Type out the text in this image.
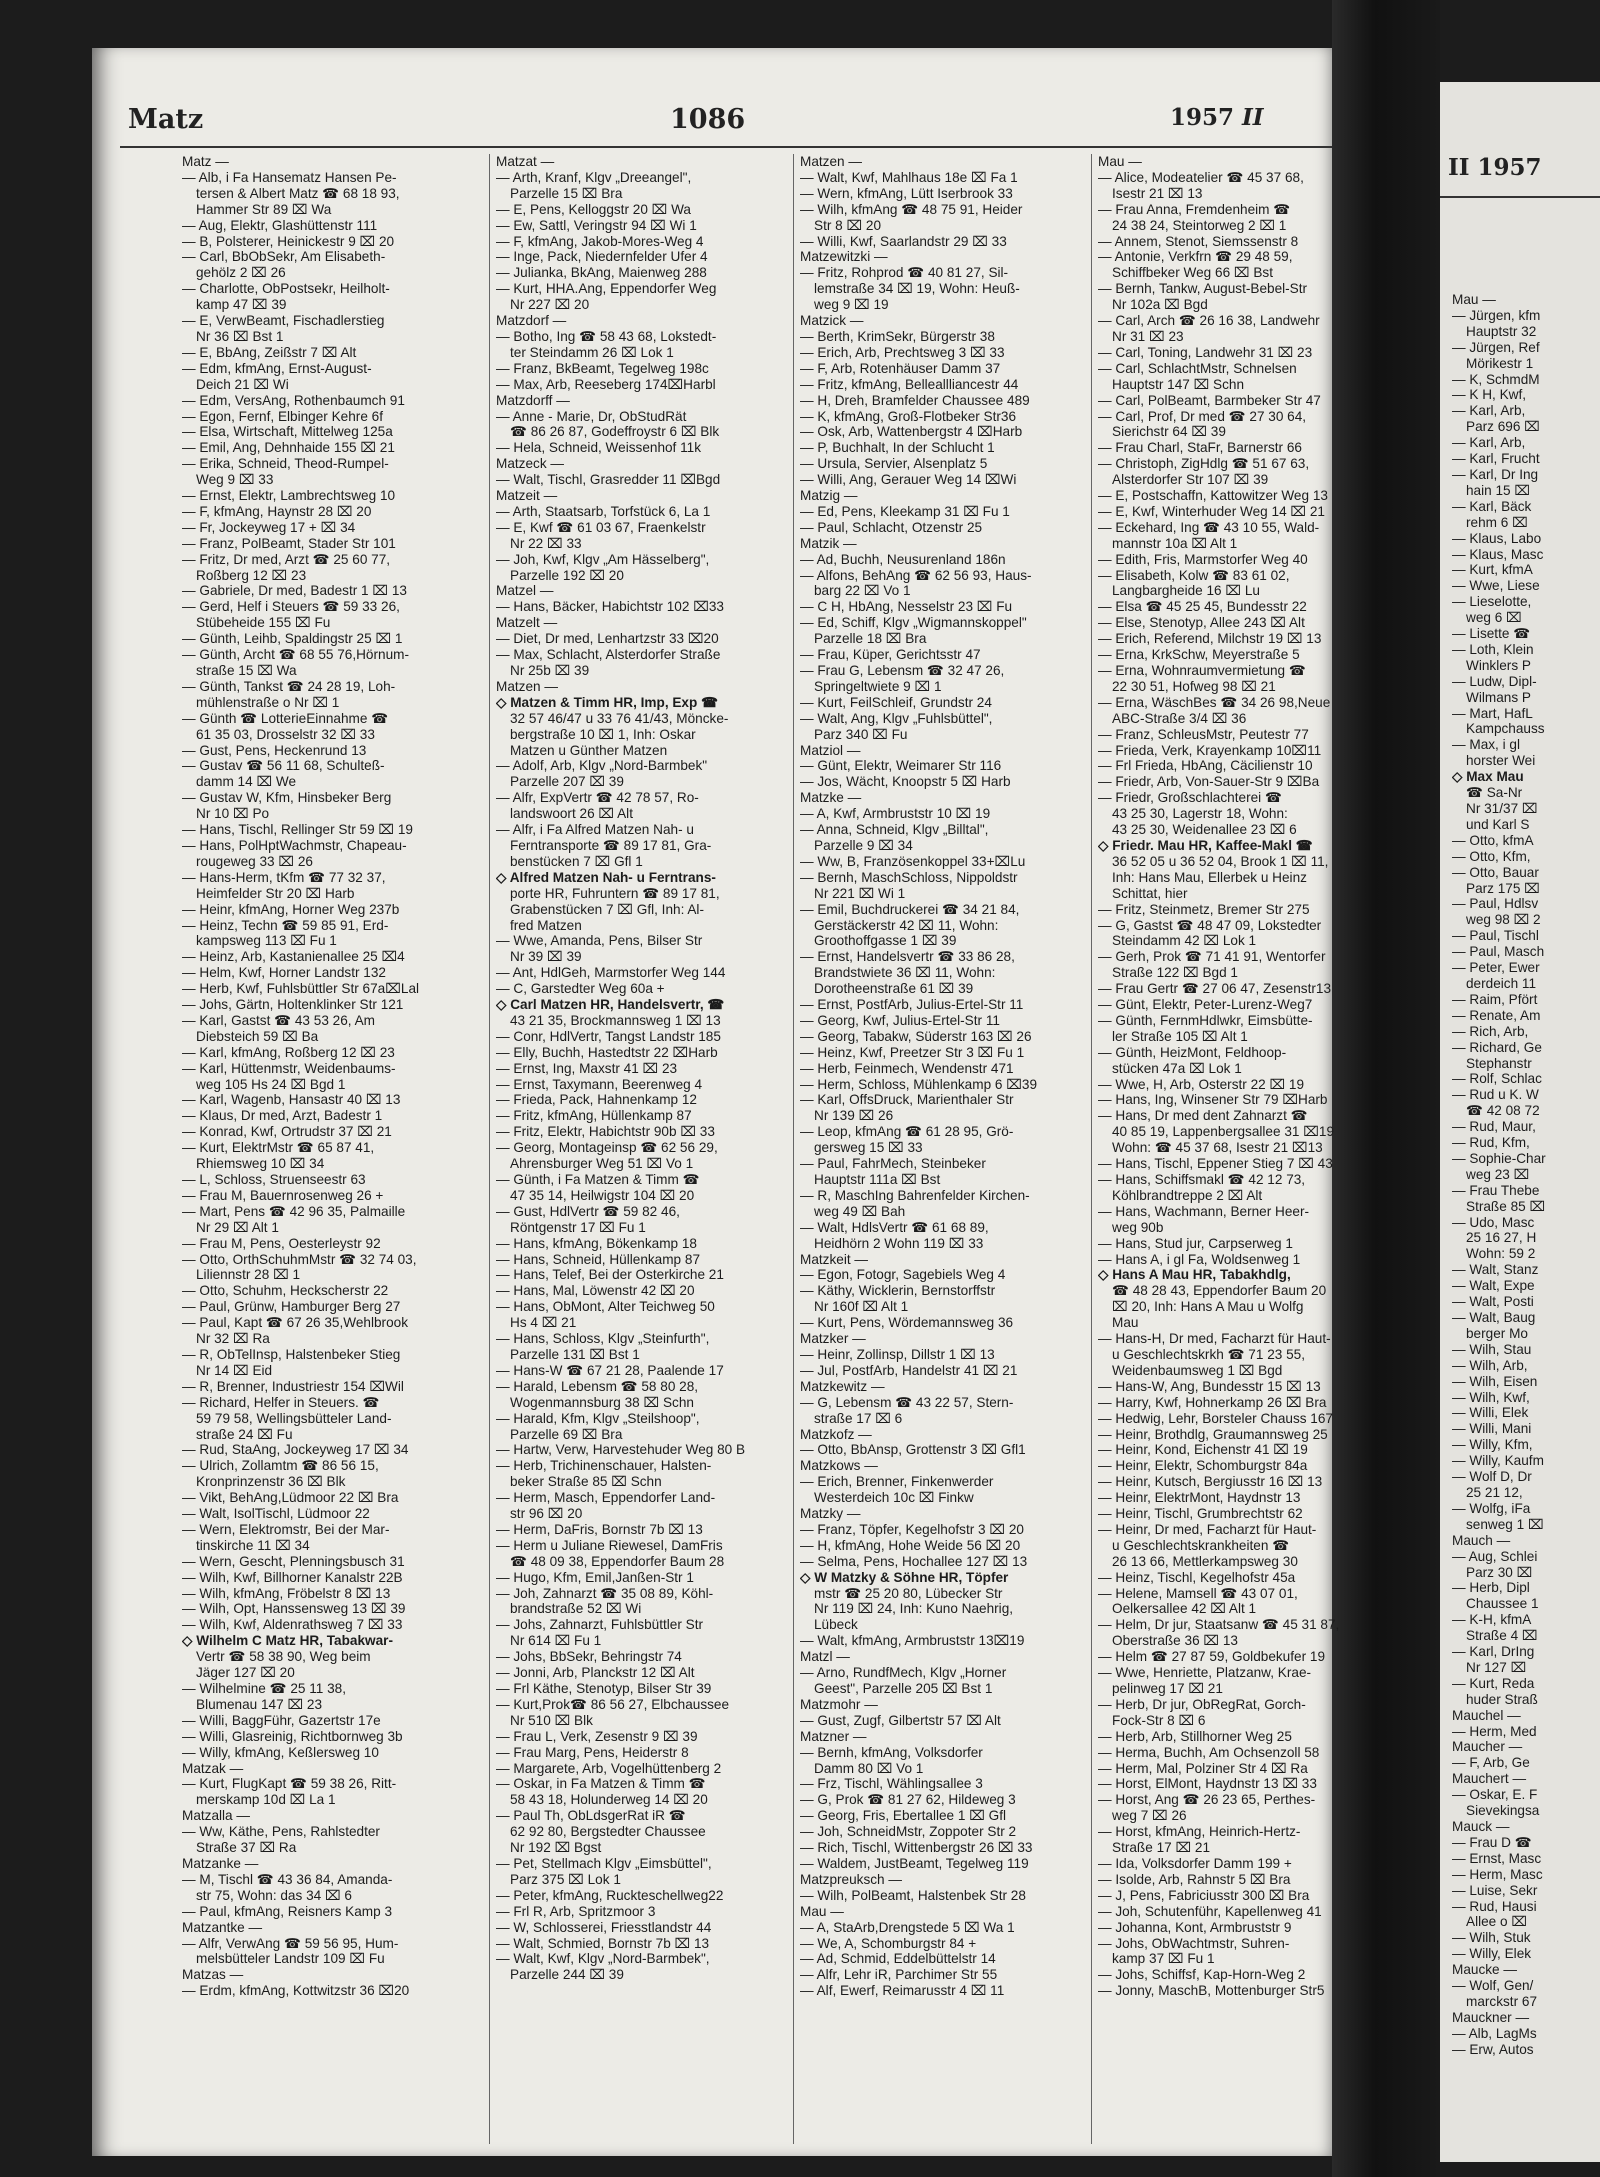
Matz	1086	1957 II
Matz —
— Alb, i Fa Hansematz Hansen Pe-
tersen & Albert Matz ☎ 68 18 93,
Hammer Str 89 ⌧ Wa
— Aug, Elektr, Glashüttenstr 111
— B, Polsterer, Heinickestr 9 ⌧ 20
— Carl, BbObSekr, Am Elisabeth-
gehölz 2 ⌧ 26
— Charlotte, ObPostsekr, Heilholt-
kamp 47 ⌧ 39
— E, VerwBeamt, Fischadlerstieg
Nr 36 ⌧ Bst 1
— E, BbAng, Zeißstr 7 ⌧ Alt
— Edm, kfmAng, Ernst-August-
Deich 21 ⌧ Wi
— Edm, VersAng, Rothenbaumch 91
— Egon, Fernf, Elbinger Kehre 6f
— Elsa, Wirtschaft, Mittelweg 125a
— Emil, Ang, Dehnhaide 155 ⌧ 21
— Erika, Schneid, Theod-Rumpel-
Weg 9 ⌧ 33
— Ernst, Elektr, Lambrechtsweg 10
— F, kfmAng, Haynstr 28 ⌧ 20
— Fr, Jockeyweg 17 + ⌧ 34
— Franz, PolBeamt, Stader Str 101
— Fritz, Dr med, Arzt ☎ 25 60 77,
Roßberg 12 ⌧ 23
— Gabriele, Dr med, Badestr 1 ⌧ 13
— Gerd, Helf i Steuers ☎ 59 33 26,
Stübeheide 155 ⌧ Fu
— Günth, Leihb, Spaldingstr 25 ⌧ 1
— Günth, Archt ☎ 68 55 76,Hörnum-
straße 15 ⌧ Wa
— Günth, Tankst ☎ 24 28 19, Loh-
mühlenstraße o Nr ⌧ 1
— Günth ☎ LotterieEinnahme ☎
61 35 03, Drosselstr 32 ⌧ 33
— Gust, Pens, Heckenrund 13
— Gustav ☎ 56 11 68, Schulteß-
damm 14 ⌧ We
— Gustav W, Kfm, Hinsbeker Berg
Nr 10 ⌧ Po
— Hans, Tischl, Rellinger Str 59 ⌧ 19
— Hans, PolHptWachmstr, Chapeau-
rougeweg 33 ⌧ 26
— Hans-Herm, tKfm ☎ 77 32 37,
Heimfelder Str 20 ⌧ Harb
— Heinr, kfmAng, Horner Weg 237b
— Heinz, Techn ☎ 59 85 91, Erd-
kampsweg 113 ⌧ Fu 1
— Heinz, Arb, Kastanienallee 25 ⌧4
— Helm, Kwf, Horner Landstr 132
— Herb, Kwf, Fuhlsbüttler Str 67a⌧Lal
— Johs, Gärtn, Holtenklinker Str 121
— Karl, Gastst ☎ 43 53 26, Am
Diebsteich 59 ⌧ Ba
— Karl, kfmAng, Roßberg 12 ⌧ 23
— Karl, Hüttenmstr, Weidenbaums-
weg 105 Hs 24 ⌧ Bgd 1
— Karl, Wagenb, Hansastr 40 ⌧ 13
— Klaus, Dr med, Arzt, Badestr 1
— Konrad, Kwf, Ortrudstr 37 ⌧ 21
— Kurt, ElektrMstr ☎ 65 87 41,
Rhiemsweg 10 ⌧ 34
— L, Schloss, Struenseestr 63
— Frau M, Bauernrosenweg 26 +
— Mart, Pens ☎ 42 96 35, Palmaille
Nr 29 ⌧ Alt 1
— Frau M, Pens, Oesterleystr 92
— Otto, OrthSchuhmMstr ☎ 32 74 03,
Liliennstr 28 ⌧ 1
— Otto, Schuhm, Heckscherstr 22
— Paul, Grünw, Hamburger Berg 27
— Paul, Kapt ☎ 67 26 35,Wehlbrook
Nr 32 ⌧ Ra
— R, ObTelInsp, Halstenbeker Stieg
Nr 14 ⌧ Eid
— R, Brenner, Industriestr 154 ⌧Wil
— Richard, Helfer in Steuers. ☎
59 79 58, Wellingsbütteler Land-
straße 24 ⌧ Fu
— Rud, StaAng, Jockeyweg 17 ⌧ 34
— Ulrich, Zollamtm ☎ 86 56 15,
Kronprinzenstr 36 ⌧ Blk
— Vikt, BehAng,Lüdmoor 22 ⌧ Bra
— Walt, IsolTischl, Lüdmoor 22
— Wern, Elektromstr, Bei der Mar-
tinskirche 11 ⌧ 34
— Wern, Gescht, Plenningsbusch 31
— Wilh, Kwf, Billhorner Kanalstr 22B
— Wilh, kfmAng, Fröbelstr 8 ⌧ 13
— Wilh, Opt, Hanssensweg 13 ⌧ 39
— Wilh, Kwf, Aldenrathsweg 7 ⌧ 33
◇ Wilhelm C Matz HR, Tabakwar-
Vertr ☎ 58 38 90, Weg beim
Jäger 127 ⌧ 20
— Wilhelmine ☎ 25 11 38,
Blumenau 147 ⌧ 23
— Willi, BaggFühr, Gazertstr 17e
— Willi, Glasreinig, Richtbornweg 3b
— Willy, kfmAng, Keßlersweg 10
Matzak —
— Kurt, FlugKapt ☎ 59 38 26, Ritt-
merskamp 10d ⌧ La 1
Matzalla —
— Ww, Käthe, Pens, Rahlstedter
Straße 37 ⌧ Ra
Matzanke —
— M, Tischl ☎ 43 36 84, Amanda-
str 75, Wohn: das 34 ⌧ 6
— Paul, kfmAng, Reisners Kamp 3
Matzantke —
— Alfr, VerwAng ☎ 59 56 95, Hum-
melsbütteler Landstr 109 ⌧ Fu
Matzas —
— Erdm, kfmAng, Kottwitzstr 36 ⌧20
Matzat —
— Arth, Kranf, Klgv „Dreeangel",
Parzelle 15 ⌧ Bra
— E, Pens, Kelloggstr 20 ⌧ Wa
— Ew, Sattl, Veringstr 94 ⌧ Wi 1
— F, kfmAng, Jakob-Mores-Weg 4
— Inge, Pack, Niedernfelder Ufer 4
— Julianka, BkAng, Maienweg 288
— Kurt, HHA.Ang, Eppendorfer Weg
Nr 227 ⌧ 20
Matzdorf —
— Botho, Ing ☎ 58 43 68, Lokstedt-
ter Steindamm 26 ⌧ Lok 1
— Franz, BkBeamt, Tegelweg 198c
— Max, Arb, Reeseberg 174⌧Harbl
Matzdorff —
— Anne - Marie, Dr, ObStudRät
☎ 86 26 87, Godeffroystr 6 ⌧ Blk
— Hela, Schneid, Weissenhof 11k
Matzeck —
— Walt, Tischl, Grasredder 11 ⌧Bgd
Matzeit —
— Arth, Staatsarb, Torfstück 6, La 1
— E, Kwf ☎ 61 03 67, Fraenkelstr
Nr 22 ⌧ 33
— Joh, Kwf, Klgv „Am Hässelberg",
Parzelle 192 ⌧ 20
Matzel —
— Hans, Bäcker, Habichtstr 102 ⌧33
Matzelt —
— Diet, Dr med, Lenhartzstr 33 ⌧20
— Max, Schlacht, Alsterdorfer Straße
Nr 25b ⌧ 39
Matzen —
◇ Matzen & Timm HR, Imp, Exp ☎
32 57 46/47 u 33 76 41/43, Mönckе-
bergstraße 10 ⌧ 1, Inh: Oskar
Matzen u Günther Matzen
— Adolf, Arb, Klgv „Nord-Barmbek"
Parzelle 207 ⌧ 39
— Alfr, ExpVertr ☎ 42 78 57, Ro-
landswoort 26 ⌧ Alt
— Alfr, i Fa Alfred Matzen Nah- u
Ferntransporte ☎ 89 17 81, Gra-
benstücken 7 ⌧ Gfl 1
◇ Alfred Matzen Nah- u Ferntrans-
porte HR, Fuhruntern ☎ 89 17 81,
Grabenstücken 7 ⌧ Gfl, Inh: Al-
fred Matzen
— Wwe, Amanda, Pens, Bilser Str
Nr 39 ⌧ 39
— Ant, HdlGeh, Marmstorfer Weg 144
— C, Garstedter Weg 60a +
◇ Carl Matzen HR, Handelsvertr, ☎
43 21 35, Brockmannsweg 1 ⌧ 13
— Conr, HdlVertr, Tangst Landstr 185
— Elly, Buchh, Hastedtstr 22 ⌧Harb
— Ernst, Ing, Maxstr 41 ⌧ 23
— Ernst, Taxymann, Beerenweg 4
— Frieda, Pack, Hahnenkamp 12
— Fritz, kfmAng, Hüllenkamp 87
— Fritz, Elektr, Habichtstr 90b ⌧ 33
— Georg, Montageinsp ☎ 62 56 29,
Ahrensburger Weg 51 ⌧ Vo 1
— Günth, i Fa Matzen & Timm ☎
47 35 14, Heilwigstr 104 ⌧ 20
— Gust, HdlVertr ☎ 59 82 46,
Röntgenstr 17 ⌧ Fu 1
— Hans, kfmAng, Bökenkamp 18
— Hans, Schneid, Hüllenkamp 87
— Hans, Telef, Bei der Osterkirche 21
— Hans, Mal, Löwenstr 42 ⌧ 20
— Hans, ObMont, Alter Teichweg 50
Hs 4 ⌧ 21
— Hans, Schloss, Klgv „Steinfurth",
Parzelle 131 ⌧ Bst 1
— Hans-W ☎ 67 21 28, Paalende 17
— Harald, Lebensm ☎ 58 80 28,
Wogenmannsburg 38 ⌧ Schn
— Harald, Kfm, Klgv „Steilshoop",
Parzelle 69 ⌧ Bra
— Hartw, Verw, Harvestehuder Weg 80 B
— Herb, Trichinenschauer, Halsten-
beker Straße 85 ⌧ Schn
— Herm, Masch, Eppendorfer Land-
str 96 ⌧ 20
— Herm, DaFris, Bornstr 7b ⌧ 13
— Herm u Juliane Riewesel, DamFris
☎ 48 09 38, Eppendorfer Baum 28
— Hugo, Kfm, Emil,Janßen-Str 1
— Joh, Zahnarzt ☎ 35 08 89, Köhl-
brandstraße 52 ⌧ Wi
— Johs, Zahnarzt, Fuhlsbüttler Str
Nr 614 ⌧ Fu 1
— Johs, BbSekr, Behringstr 74
— Jonni, Arb, Planckstr 12 ⌧ Alt
— Frl Käthe, Stenotyp, Bilser Str 39
— Kurt,Prok☎ 86 56 27, Elbchaussee
Nr 510 ⌧ Blk
— Frau L, Verk, Zesenstr 9 ⌧ 39
— Frau Marg, Pens, Heiderstr 8
— Margarete, Arb, Vogelhüttenberg 2
— Oskar, in Fa Matzen & Timm ☎
58 43 18, Holunderweg 14 ⌧ 20
— Paul Th, ObLdsgerRat iR ☎
62 92 80, Bergstedter Chaussee
Nr 192 ⌧ Bgst
— Pet, Stellmach Klgv „Eimsbüttel",
Parz 375 ⌧ Lok 1
— Peter, kfmAng, Ruckteschellweg22
— Frl R, Arb, Spritzmoor 3
— W, Schlosserei, Friesstlandstr 44
— Walt, Schmied, Bornstr 7b ⌧ 13
— Walt, Kwf, Klgv „Nord-Barmbek",
Parzelle 244 ⌧ 39
Matzen —
— Walt, Kwf, Mahlhaus 18e ⌧ Fa 1
— Wern, kfmAng, Lütt Iserbrook 33
— Wilh, kfmAng ☎ 48 75 91, Heider
Str 8 ⌧ 20
— Willi, Kwf, Saarlandstr 29 ⌧ 33
Matzewitzki —
— Fritz, Rohprod ☎ 40 81 27, Sil-
lemstraße 34 ⌧ 19, Wohn: Heuß-
weg 9 ⌧ 19
Matzick —
— Berth, KrimSekr, Bürgerstr 38
— Erich, Arb, Prechtsweg 3 ⌧ 33
— F, Arb, Rotenhäuser Damm 37
— Fritz, kfmAng, Belleallliancestr 44
— H, Dreh, Bramfelder Chaussee 489
— K, kfmAng, Groß-Flotbeker Str36
— Osk, Arb, Wattenbergstr 4 ⌧Harb
— P, Buchhalt, In der Schlucht 1
— Ursula, Servier, Alsenplatz 5
— Willi, Ang, Gerauer Weg 14 ⌧Wi
Matzig —
— Ed, Pens, Kleekamp 31 ⌧ Fu 1
— Paul, Schlacht, Otzenstr 25
Matzik —
— Ad, Buchh, Neusurenland 186n
— Alfons, BehAng ☎ 62 56 93, Haus-
barg 22 ⌧ Vo 1
— C H, HbAng, Nesselstr 23 ⌧ Fu
— Ed, Schiff, Klgv „Wigmannskoppel"
Parzelle 18 ⌧ Bra
— Frau, Küper, Gerichtsstr 47
— Frau G, Lebensm ☎ 32 47 26,
Springeltwiete 9 ⌧ 1
— Kurt, FeilSchleif, Grundstr 24
— Walt, Ang, Klgv „Fuhlsbüttel",
Parz 340 ⌧ Fu
Matziol —
— Günt, Elektr, Weimarer Str 116
— Jos, Wächt, Knoopstr 5 ⌧ Harb
Matzke —
— A, Kwf, Armbruststr 10 ⌧ 19
— Anna, Schneid, Klgv „Billtal",
Parzelle 9 ⌧ 34
— Ww, B, Französenkoppel 33+⌧Lu
— Bernh, MaschSchloss, Nippoldstr
Nr 221 ⌧ Wi 1
— Emil, Buchdruckerei ☎ 34 21 84,
Gerstäckerstr 42 ⌧ 11, Wohn:
Groothoffgasse 1 ⌧ 39
— Ernst, Handelsvertr ☎ 33 86 28,
Brandstwiete 36 ⌧ 11, Wohn:
Dorotheenstraße 61 ⌧ 39
— Ernst, PostfArb, Julius-Ertel-Str 11
— Georg, Kwf, Julius-Ertel-Str 11
— Georg, Tabakw, Süderstr 163 ⌧ 26
— Heinz, Kwf, Preetzer Str 3 ⌧ Fu 1
— Herb, Feinmech, Wendenstr 471
— Herm, Schloss, Mühlenkamp 6 ⌧39
— Karl, OffsDruck, Marienthaler Str
Nr 139 ⌧ 26
— Leop, kfmAng ☎ 61 28 95, Grö-
gersweg 15 ⌧ 33
— Paul, FahrMech, Steinbeker
Hauptstr 111a ⌧ Bst
— R, MaschIng Bahrenfelder Kirchen-
weg 49 ⌧ Bah
— Walt, HdlsVertr ☎ 61 68 89,
Heidhörn 2 Wohn 119 ⌧ 33
Matzkeit —
— Egon, Fotogr, Sagebiels Weg 4
— Käthy, Wicklerin, Bernstorffstr
Nr 160f ⌧ Alt 1
— Kurt, Pens, Wördemannsweg 36
Matzker —
— Heinr, Zollinsp, Dillstr 1 ⌧ 13
— Jul, PostfArb, Handelstr 41 ⌧ 21
Matzkewitz —
— G, Lebensm ☎ 43 22 57, Stern-
straße 17 ⌧ 6
Matzkofz —
— Otto, BbAnsp, Grottenstr 3 ⌧ Gfl1
Matzkows —
— Erich, Brenner, Finkenwerder
Westerdeich 10c ⌧ Finkw
Matzky —
— Franz, Töpfer, Kegelhofstr 3 ⌧ 20
— H, kfmAng, Hohe Weide 56 ⌧ 20
— Selma, Pens, Hochallee 127 ⌧ 13
◇ W Matzky & Söhne HR, Töpfer
mstr ☎ 25 20 80, Lübecker Str
Nr 119 ⌧ 24, Inh: Kuno Naehrig,
Lübeck
— Walt, kfmAng, Armbruststr 13⌧19
Matzl —
— Arno, RundfMech, Klgv „Horner
Geest", Parzelle 205 ⌧ Bst 1
Matzmohr —
— Gust, Zugf, Gilbertstr 57 ⌧ Alt
Matzner —
— Bernh, kfmAng, Volksdorfer
Damm 80 ⌧ Vo 1
— Frz, Tischl, Wählingsallee 3
— G, Prok ☎ 81 27 62, Hildeweg 3
— Georg, Fris, Ebertallee 1 ⌧ Gfl
— Joh, SchneidMstr, Zoppoter Str 2
— Rich, Tischl, Wittenbergstr 26 ⌧ 33
— Waldem, JustBeamt, Tegelweg 119
Matzpreuksch —
— Wilh, PolBeamt, Halstenbek Str 28
Mau —
— A, StaArb,Drengstede 5 ⌧ Wa 1
— We, A, Schomburgstr 84 +
— Ad, Schmid, Eddelbüttelstr 14
— Alfr, Lehr iR, Parchimer Str 55
— Alf, Ewerf, Reimarusstr 4 ⌧ 11
Mau —
— Alice, Modeatelier ☎ 45 37 68,
Isestr 21 ⌧ 13
— Frau Anna, Fremdenheim ☎
24 38 24, Steintorweg 2 ⌧ 1
— Annem, Stenot, Siemssenstr 8
— Antonie, Verkfrn ☎ 29 48 59,
Schiffbeker Weg 66 ⌧ Bst
— Bernh, Tankw, August-Bebel-Str
Nr 102a ⌧ Bgd
— Carl, Arch ☎ 26 16 38, Landwehr
Nr 31 ⌧ 23
— Carl, Toning, Landwehr 31 ⌧ 23
— Carl, SchlachtMstr, Schnelsen
Hauptstr 147 ⌧ Schn
— Carl, PolBeamt, Barmbeker Str 47
— Carl, Prof, Dr med ☎ 27 30 64,
Sierichstr 64 ⌧ 39
— Frau Charl, StaFr, Barnerstr 66
— Christoph, ZigHdlg ☎ 51 67 63,
Alsterdorfer Str 107 ⌧ 39
— E, Postschaffn, Kattowitzer Weg 13
— E, Kwf, Winterhuder Weg 14 ⌧ 21
— Eckehard, Ing ☎ 43 10 55, Wald-
mannstr 10a ⌧ Alt 1
— Edith, Fris, Marmstorfer Weg 40
— Elisabeth, Kolw ☎ 83 61 02,
Langbargheide 16 ⌧ Lu
— Elsa ☎ 45 25 45, Bundesstr 22
— Else, Stenotyp, Allee 243 ⌧ Alt
— Erich, Referend, Milchstr 19 ⌧ 13
— Erna, KrkSchw, Meyerstraße 5
— Erna, Wohnraumvermietung ☎
22 30 51, Hofweg 98 ⌧ 21
— Erna, WäschBes ☎ 34 26 98,Neue
ABC-Straße 3/4 ⌧ 36
— Franz, SchleusMstr, Peutestr 77
— Frieda, Verk, Krayenkamp 10⌧11
— Frl Frieda, HbAng, Cäcilienstr 10
— Friedr, Arb, Von-Sauer-Str 9 ⌧Ba
— Friedr, Großschlachterei ☎
43 25 30, Lagerstr 18, Wohn:
43 25 30, Weidenallee 23 ⌧ 6
◇ Friedr. Mau HR, Kaffee-Makl ☎
36 52 05 u 36 52 04, Brook 1 ⌧ 11,
Inh: Hans Mau, Ellerbek u Heinz
Schittat, hier
— Fritz, Steinmetz, Bremer Str 275
— G, Gastst ☎ 48 47 09, Lokstedter
Steindamm 42 ⌧ Lok 1
— Gerh, Prok ☎ 71 41 91, Wentorfer
Straße 122 ⌧ Bgd 1
— Frau Gertr ☎ 27 06 47, Zesenstr13
— Günt, Elektr, Peter-Lurenz-Weg7
— Günth, FernmHdlwkr, Eimsbütte-
ler Straße 105 ⌧ Alt 1
— Günth, HeizMont, Feldhoop-
stücken 47a ⌧ Lok 1
— Wwe, H, Arb, Osterstr 22 ⌧ 19
— Hans, Ing, Winsener Str 79 ⌧Harb
— Hans, Dr med dent Zahnarzt ☎
40 85 19, Lappenbergsallee 31 ⌧19
Wohn: ☎ 45 37 68, Isestr 21 ⌧13
— Hans, Tischl, Eppener Stieg 7 ⌧ 43
— Hans, Schiffsmakl ☎ 42 12 73,
Köhlbrandtreppe 2 ⌧ Alt
— Hans, Wachmann, Berner Heer-
weg 90b
— Hans, Stud jur, Carpserweg 1
— Hans A, i gl Fa, Woldsenweg 1
◇ Hans A Mau HR, Tabakhdlg,
☎ 48 28 43, Eppendorfer Baum 20
⌧ 20, Inh: Hans A Mau u Wolfg
Mau
— Hans-H, Dr med, Facharzt für Haut-
u Geschlechtskrkh ☎ 71 23 55,
Weidenbaumsweg 1 ⌧ Bgd
— Hans-W, Ang, Bundesstr 15 ⌧ 13
— Harry, Kwf, Hohnerkamp 26 ⌧ Bra
— Hedwig, Lehr, Borsteler Chauss 167
— Heinr, Brothdlg, Graumannsweg 25
— Heinr, Kond, Eichenstr 41 ⌧ 19
— Heinr, Elektr, Schomburgstr 84a
— Heinr, Kutsch, Bergiusstr 16 ⌧ 13
— Heinr, ElektrMont, Haydnstr 13
— Heinr, Tischl, Grumbrechtstr 62
— Heinr, Dr med, Facharzt für Haut-
u Geschlechtskrankheiten ☎
26 13 66, Mettlerkampsweg 30
— Heinz, Tischl, Kegelhofstr 45a
— Helene, Mamsell ☎ 43 07 01,
Oelkersallee 42 ⌧ Alt 1
— Helm, Dr jur, Staatsanw ☎ 45 31 87,
Oberstraße 36 ⌧ 13
— Helm ☎ 27 87 59, Goldbekufer 19
— Wwe, Henriette, Platzanw, Krae-
pelinweg 17 ⌧ 21
— Herb, Dr jur, ObRegRat, Gorch-
Fock-Str 8 ⌧ 6
— Herb, Arb, Stillhorner Weg 25
— Herma, Buchh, Am Ochsenzoll 58
— Herm, Mal, Polziner Str 4 ⌧ Ra
— Horst, ElMont, Haydnstr 13 ⌧ 33
— Horst, Ang ☎ 26 23 65, Perthes-
weg 7 ⌧ 26
— Horst, kfmAng, Heinrich-Hertz-
Straße 17 ⌧ 21
— Ida, Volksdorfer Damm 199 +
— Isolde, Arb, Rahnstr 5 ⌧ Bra
— J, Pens, Fabriciusstr 300 ⌧ Bra
— Joh, Schutenführ, Kapellenweg 41
— Johanna, Kont, Armbruststr 9
— Johs, ObWachtmstr, Suhren-
kamp 37 ⌧ Fu 1
— Johs, Schiffsf, Kap-Horn-Weg 2
— Jonny, MaschB, Mottenburger Str5
II 1957
Mau —
— Jürgen, kfm
Hauptstr 32
— Jürgen, Ref
Mörikestr 1
— K, SchmdM
— K H, Kwf,
— Karl, Arb,
Parz 696 ⌧
— Karl, Arb,
— Karl, Frucht
— Karl, Dr Ing
hain 15 ⌧
— Karl, Bäck
rehm 6 ⌧
— Klaus, Labo
— Klaus, Masc
— Kurt, kfmA
— Wwe, Liese
— Lieselotte,
weg 6 ⌧
— Lisette ☎
— Loth, Klein
Winklers P
— Ludw, Dipl-
Wilmans P
— Mart, HafL
Kampchauss
— Max, i gl
horster Wei
◇ Max Mau
☎ Sa-Nr
Nr 31/37 ⌧
und Karl S
— Otto, kfmA
— Otto, Kfm,
— Otto, Bauar
Parz 175 ⌧
— Paul, Hdlsv
weg 98 ⌧ 2
— Paul, Tischl
— Paul, Masch
— Peter, Ewer
derdeich 11
— Raim, Pfört
— Renate, Am
— Rich, Arb,
— Richard, Ge
Stephanstr
— Rolf, Schlac
— Rud u K. W
☎ 42 08 72
— Rud, Maur,
— Rud, Kfm,
— Sophie-Char
weg 23 ⌧
— Frau Thebe
Straße 85 ⌧
— Udo, Masc
25 16 27, H
Wohn: 59 2
— Walt, Stanz
— Walt, Expe
— Walt, Posti
— Walt, Baug
berger Mo
— Wilh, Stau
— Wilh, Arb,
— Wilh, Eisen
— Wilh, Kwf,
— Willi, Elek
— Willi, Mani
— Willy, Kfm,
— Willy, Kaufm
— Wolf D, Dr
25 21 12,
— Wolfg, iFa
senweg 1 ⌧
Mauch —
— Aug, Schlei
Parz 30 ⌧
— Herb, Dipl
Chaussee 1
— K-H, kfmA
Straße 4 ⌧
— Karl, DrIng
Nr 127 ⌧
— Kurt, Reda
huder Straß
Mauchel —
— Herm, Med
Maucher —
— F, Arb, Ge
Mauchert —
— Oskar, E. F
Sievekingsa
Mauck —
— Frau D ☎
— Ernst, Masc
— Herm, Masc
— Luise, Sekr
— Rud, Hausi
Allee o ⌧
— Wilh, Stuk
— Willy, Elek
Maucke —
— Wolf, Gen/
marckstr 67
Mauckner —
— Alb, LagMs
— Erw, Autos
